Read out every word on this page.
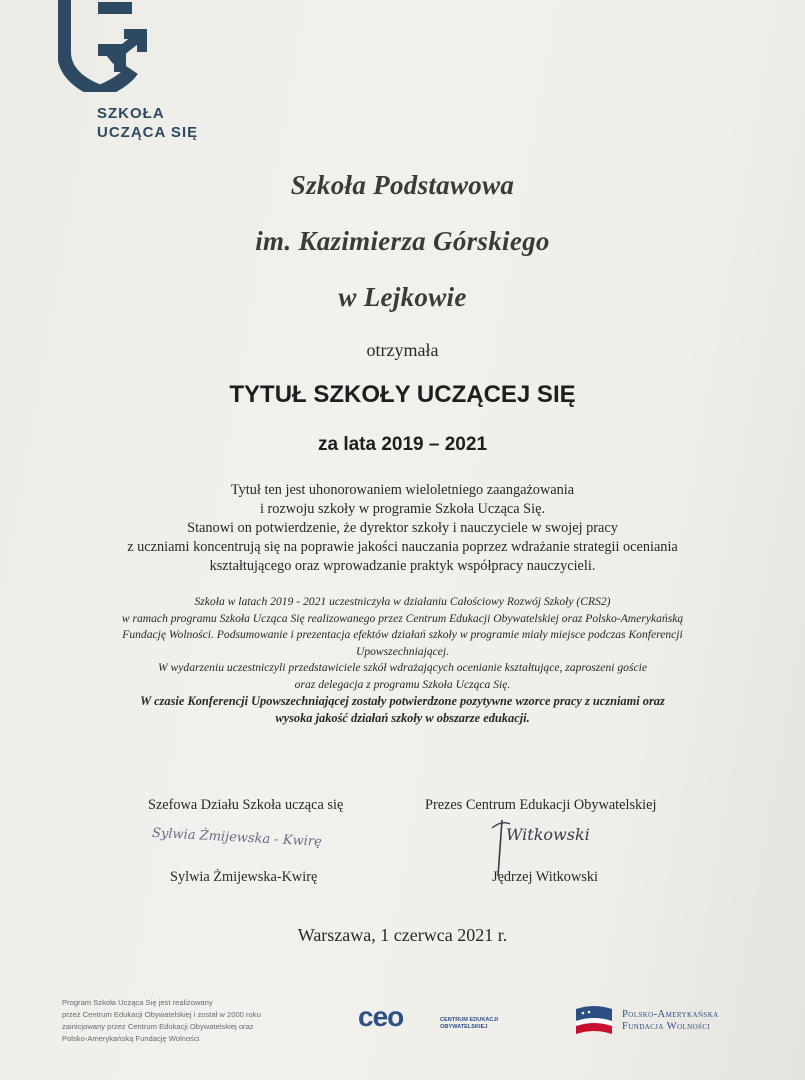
SZKOŁA
UCZĄCA SIĘ
Szkoła Podstawowa
im. Kazimierza Górskiego
w Lejkowie
otrzymała
TYTUŁ SZKOŁY UCZĄCEJ SIĘ
za lata 2019 – 2021
Tytuł ten jest uhonorowaniem wieloletniego zaangażowania
i rozwoju szkoły w programie Szkoła Ucząca Się.
Stanowi on potwierdzenie, że dyrektor szkoły i nauczyciele w swojej pracy
z uczniami koncentrują się na poprawie jakości nauczania poprzez wdrażanie strategii oceniania
kształtującego oraz wprowadzanie praktyk współpracy nauczycieli.
Szkoła w latach 2019 - 2021 uczestniczyła w działaniu Całościowy Rozwój Szkoły (CRS2)
w ramach programu Szkoła Ucząca Się realizowanego przez Centrum Edukacji Obywatelskiej oraz Polsko-Amerykańską
Fundację Wolności. Podsumowanie i prezentacja efektów działań szkoły w programie miały miejsce podczas Konferencji
Upowszechniającej.
W wydarzeniu uczestniczyli przedstawiciele szkół wdrażających ocenianie kształtujące, zaproszeni goście
oraz delegacja z programu Szkoła Ucząca Się.
W czasie Konferencji Upowszechniającej zostały potwierdzone pozytywne wzorce pracy z uczniami oraz
wysoka jakość działań szkoły w obszarze edukacji.
Szefowa Działu Szkoła ucząca się
Sylwia Żmijewska - Kwirę
Sylwia Żmijewska-Kwirę
Prezes Centrum Edukacji Obywatelskiej
Witkowski
Jędrzej Witkowski
Warszawa, 1 czerwca 2021 r.
Program Szkoła Ucząca Się jest realizowany
przez Centrum Edukacji Obywatelskiej i został w 2000 roku
zainicjowany przez Centrum Edukacji Obywatelskiej oraz
Polsko-Amerykańską Fundację Wolności
ceo	CENTRUM EDUKACJI
OBYWATELSKIEJ
Polsko-Amerykańska
Fundacja Wolności
